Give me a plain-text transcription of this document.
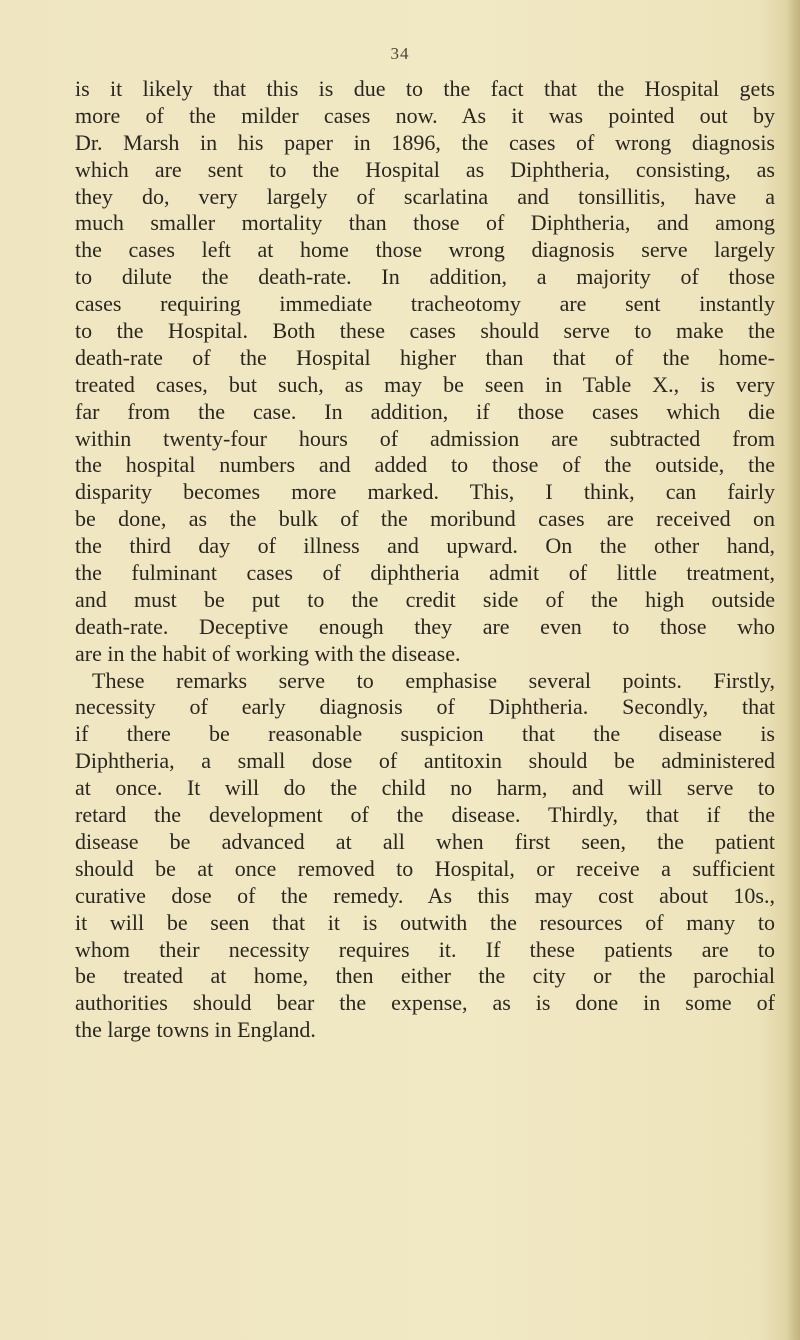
34
is it likely that this is due to the fact that the Hospital gets
more of the milder cases now. As it was pointed out by
Dr. Marsh in his paper in 1896, the cases of wrong diagnosis
which are sent to the Hospital as Diphtheria, consisting, as
they do, very largely of scarlatina and tonsillitis, have a
much smaller mortality than those of Diphtheria, and among
the cases left at home those wrong diagnosis serve largely
to dilute the death-rate. In addition, a majority of those
cases requiring immediate tracheotomy are sent instantly
to the Hospital. Both these cases should serve to make the
death-rate of the Hospital higher than that of the home-
treated cases, but such, as may be seen in Table X., is very
far from the case. In addition, if those cases which die
within twenty-four hours of admission are subtracted from
the hospital numbers and added to those of the outside, the
disparity becomes more marked. This, I think, can fairly
be done, as the bulk of the moribund cases are received on
the third day of illness and upward. On the other hand,
the fulminant cases of diphtheria admit of little treatment,
and must be put to the credit side of the high outside
death-rate. Deceptive enough they are even to those who
are in the habit of working with the disease.
These remarks serve to emphasise several points. Firstly,
necessity of early diagnosis of Diphtheria. Secondly, that
if there be reasonable suspicion that the disease is
Diphtheria, a small dose of antitoxin should be administered
at once. It will do the child no harm, and will serve to
retard the development of the disease. Thirdly, that if the
disease be advanced at all when first seen, the patient
should be at once removed to Hospital, or receive a sufficient
curative dose of the remedy. As this may cost about 10s.,
it will be seen that it is outwith the resources of many to
whom their necessity requires it. If these patients are to
be treated at home, then either the city or the parochial
authorities should bear the expense, as is done in some of
the large towns in England.
